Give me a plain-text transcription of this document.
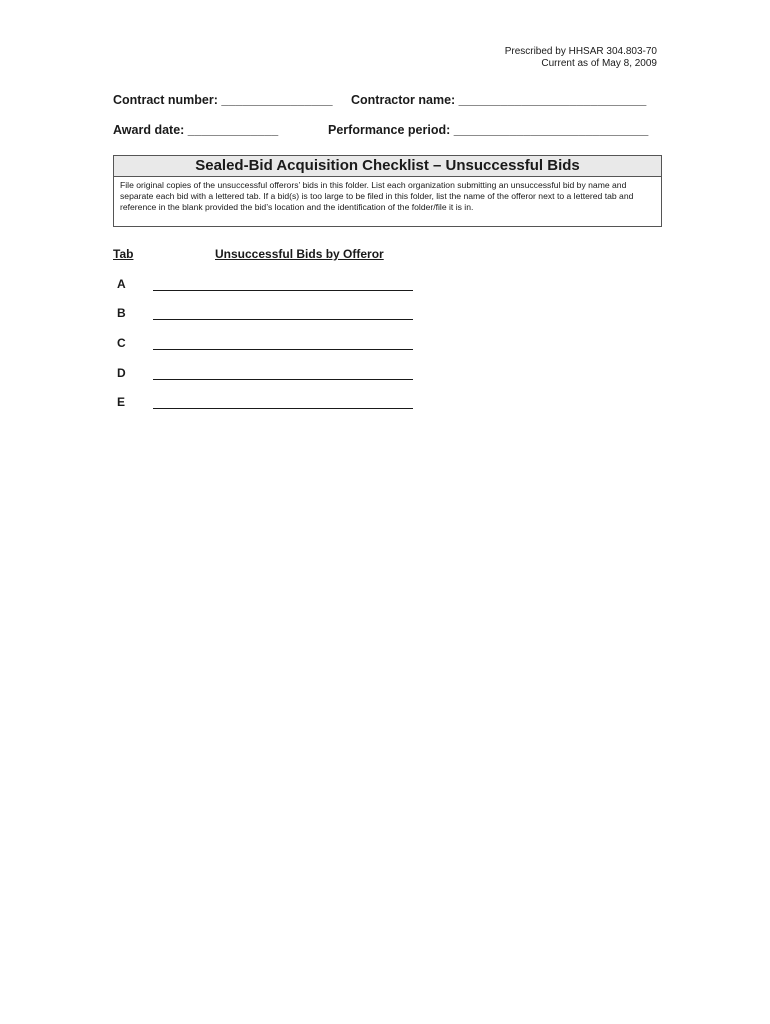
Prescribed by HHSAR 304.803-70
Current as of May 8, 2009
Contract number: ________________ Contractor name: ___________________________
Award date: _____________	Performance period: ____________________________
Sealed-Bid Acquisition Checklist – Unsuccessful Bids
File original copies of the unsuccessful offerors’ bids in this folder. List each organization submitting an unsuccessful bid by name and separate each bid with a lettered tab. If a bid(s) is too large to be filed in this folder, list the name of the offeror next to a lettered tab and reference in the blank provided the bid’s location and the identification of the folder/file it is in.
Tab	Unsuccessful Bids by Offeror
A
B
C
D
E
